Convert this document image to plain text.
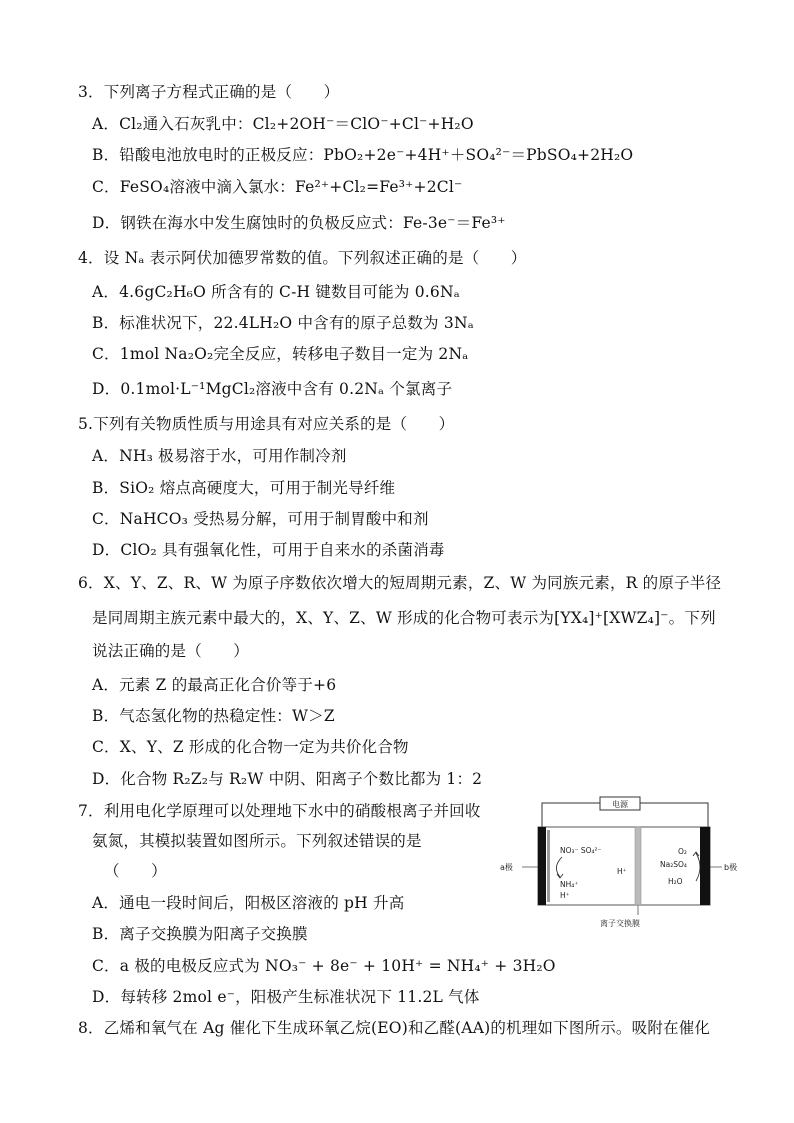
3．下列离子方程式正确的是（　　）
A．Cl₂通入石灰乳中：Cl₂+2OH⁻＝ClO⁻+Cl⁻+H₂O
B．铅酸电池放电时的正极反应：PbO₂+2e⁻+4H⁺＋SO₄²⁻＝PbSO₄+2H₂O
C．FeSO₄溶液中滴入氯水：Fe²⁺+Cl₂=Fe³⁺+2Cl⁻
D．钢铁在海水中发生腐蚀时的负极反应式：Fe-3e⁻＝Fe³⁺
4．设 Nₐ 表示阿伏加德罗常数的值。下列叙述正确的是（　　）
A．4.6gC₂H₆O 所含有的 C-H 键数目可能为 0.6Nₐ
B．标准状况下，22.4LH₂O 中含有的原子总数为 3Nₐ
C．1mol Na₂O₂完全反应，转移电子数目一定为 2Nₐ
D．0.1mol·L⁻¹MgCl₂溶液中含有 0.2Nₐ 个氯离子
5.下列有关物质性质与用途具有对应关系的是（　　）
A．NH₃ 极易溶于水，可用作制冷剂
B．SiO₂ 熔点高硬度大，可用于制光导纤维
C．NaHCO₃ 受热易分解，可用于制胃酸中和剂
D．ClO₂ 具有强氧化性，可用于自来水的杀菌消毒
6．X、Y、Z、R、W 为原子序数依次增大的短周期元素，Z、W 为同族元素，R 的原子半径
是同周期主族元素中最大的，X、Y、Z、W 形成的化合物可表示为[YX₄]⁺[XWZ₄]⁻。下列
说法正确的是（　　）
A．元素 Z 的最高正化合价等于+6
B．气态氢化物的热稳定性：W＞Z
C．X、Y、Z 形成的化合物一定为共价化合物
D．化合物 R₂Z₂与 R₂W 中阴、阳离子个数比都为 1：2
7．利用电化学原理可以处理地下水中的硝酸根离子并回收
氨氮，其模拟装置如图所示。下列叙述错误的是
（　　）
A．通电一段时间后，阳极区溶液的 pH 升高
B．离子交换膜为阳离子交换膜
C．a 极的电极反应式为 NO₃⁻ + 8e⁻ + 10H⁺ = NH₄⁺ + 3H₂O
D．每转移 2mol e⁻，阳极产生标准状况下 11.2L 气体
电源
离子交换膜
a极	b极
NO₃⁻ SO₄²⁻
NH₄⁺
H⁺
H⁺
O₂
Na₂SO₄
H₂O
8．乙烯和氧气在 Ag 催化下生成环氧乙烷(EO)和乙醛(AA)的机理如下图所示。吸附在催化
